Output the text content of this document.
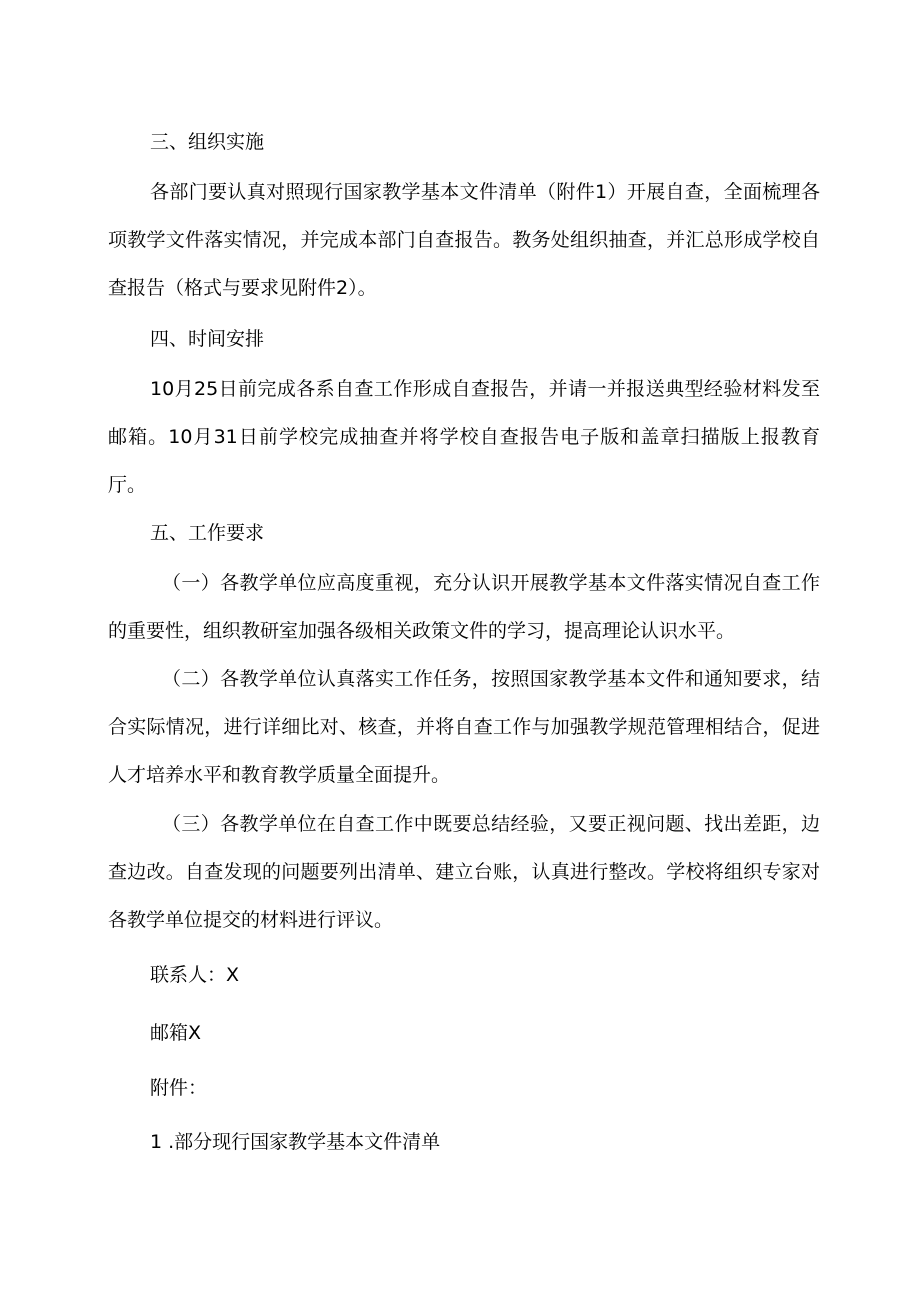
三、组织实施

各部门要认真对照现行国家教学基本文件清单（附件1）开展自查，全面梳理各项教学文件落实情况，并完成本部门自查报告。教务处组织抽查，并汇总形成学校自查报告（格式与要求见附件2）。

四、时间安排

10月25日前完成各系自查工作形成自查报告，并请一并报送典型经验材料发至邮箱。10月31日前学校完成抽查并将学校自查报告电子版和盖章扫描版上报教育厅。

五、工作要求

（一）各教学单位应高度重视，充分认识开展教学基本文件落实情况自查工作的重要性，组织教研室加强各级相关政策文件的学习，提高理论认识水平。

（二）各教学单位认真落实工作任务，按照国家教学基本文件和通知要求，结合实际情况，进行详细比对、核查，并将自查工作与加强教学规范管理相结合，促进人才培养水平和教育教学质量全面提升。

（三）各教学单位在自查工作中既要总结经验，又要正视问题、找出差距，边查边改。自查发现的问题要列出清单、建立台账，认真进行整改。学校将组织专家对各教学单位提交的材料进行评议。

联系人：X

邮箱X

附件：

1 .部分现行国家教学基本文件清单
